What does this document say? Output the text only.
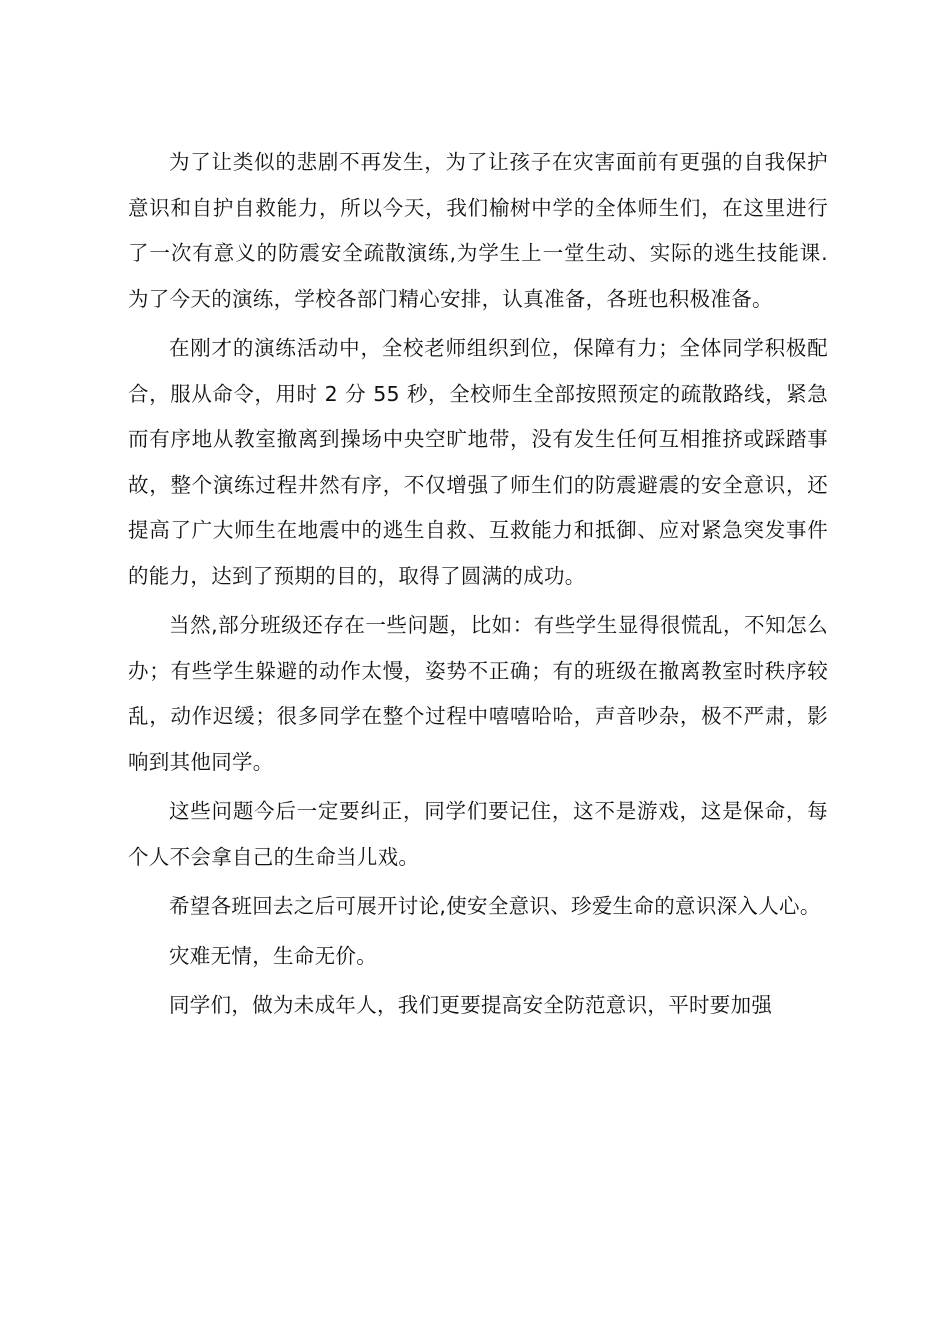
为了让类似的悲剧不再发生，为了让孩子在灾害面前有更强的自我保护意识和自护自救能力，所以今天，我们榆树中学的全体师生们，在这里进行了一次有意义的防震安全疏散演练,为学生上一堂生动、实际的逃生技能课.为了今天的演练，学校各部门精心安排，认真准备，各班也积极准备。

在刚才的演练活动中，全校老师组织到位，保障有力；全体同学积极配合，服从命令，用时 2 分 55 秒，全校师生全部按照预定的疏散路线，紧急而有序地从教室撤离到操场中央空旷地带，没有发生任何互相推挤或踩踏事故，整个演练过程井然有序，不仅增强了师生们的防震避震的安全意识，还提高了广大师生在地震中的逃生自救、互救能力和抵御、应对紧急突发事件的能力，达到了预期的目的，取得了圆满的成功。

当然,部分班级还存在一些问题，比如：有些学生显得很慌乱，不知怎么办；有些学生躲避的动作太慢，姿势不正确；有的班级在撤离教室时秩序较乱，动作迟缓；很多同学在整个过程中嘻嘻哈哈，声音吵杂，极不严肃，影响到其他同学。

这些问题今后一定要纠正，同学们要记住，这不是游戏，这是保命，每个人不会拿自己的生命当儿戏。

希望各班回去之后可展开讨论,使安全意识、珍爱生命的意识深入人心。

灾难无情，生命无价。

同学们，做为未成年人，我们更要提高安全防范意识，平时要加强
